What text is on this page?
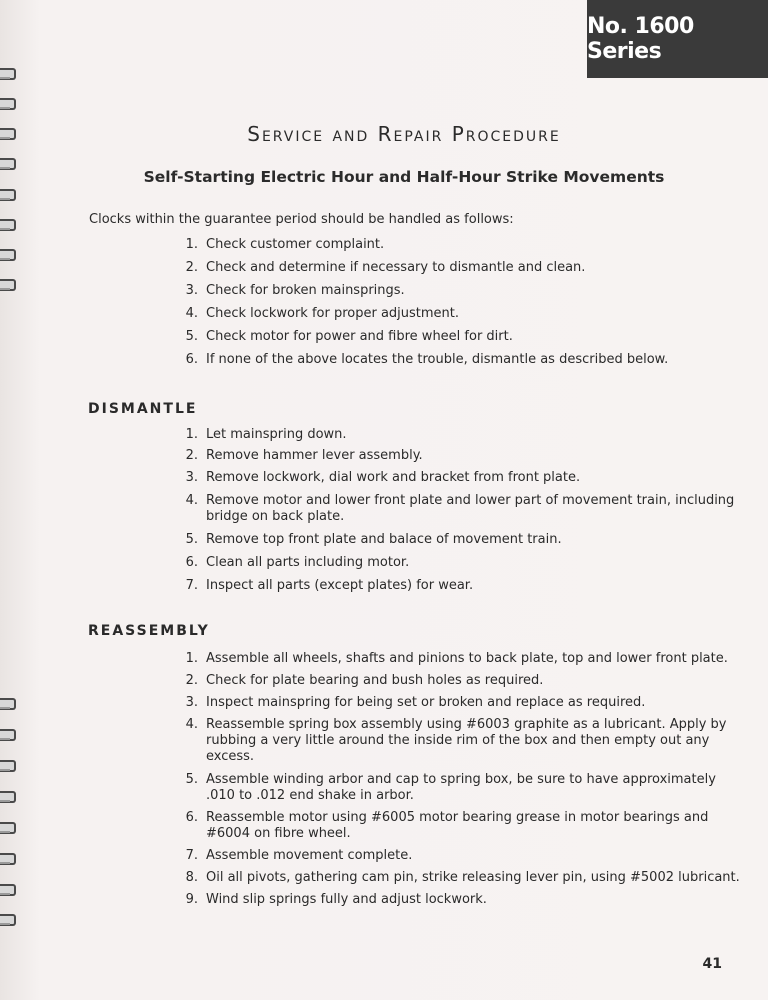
No. 1600 Series
Service and Repair Procedure
Self-Starting Electric Hour and Half-Hour Strike Movements
Clocks within the guarantee period should be handled as follows:
1. Check customer complaint.
2. Check and determine if necessary to dismantle and clean.
3. Check for broken mainsprings.
4. Check lockwork for proper adjustment.
5. Check motor for power and fibre wheel for dirt.
6. If none of the above locates the trouble, dismantle as described below.
DISMANTLE
1. Let mainspring down.
2. Remove hammer lever assembly.
3. Remove lockwork, dial work and bracket from front plate.
4. Remove motor and lower front plate and lower part of movement train, including bridge on back plate.
5. Remove top front plate and balace of movement train.
6. Clean all parts including motor.
7. Inspect all parts (except plates) for wear.
REASSEMBLY
1. Assemble all wheels, shafts and pinions to back plate, top and lower front plate.
2. Check for plate bearing and bush holes as required.
3. Inspect mainspring for being set or broken and replace as required.
4. Reassemble spring box assembly using #6003 graphite as a lubricant. Apply by rubbing a very little around the inside rim of the box and then empty out any excess.
5. Assemble winding arbor and cap to spring box, be sure to have approximately .010 to .012 end shake in arbor.
6. Reassemble motor using #6005 motor bearing grease in motor bearings and #6004 on fibre wheel.
7. Assemble movement complete.
8. Oil all pivots, gathering cam pin, strike releasing lever pin, using #5002 lubricant.
9. Wind slip springs fully and adjust lockwork.
41
